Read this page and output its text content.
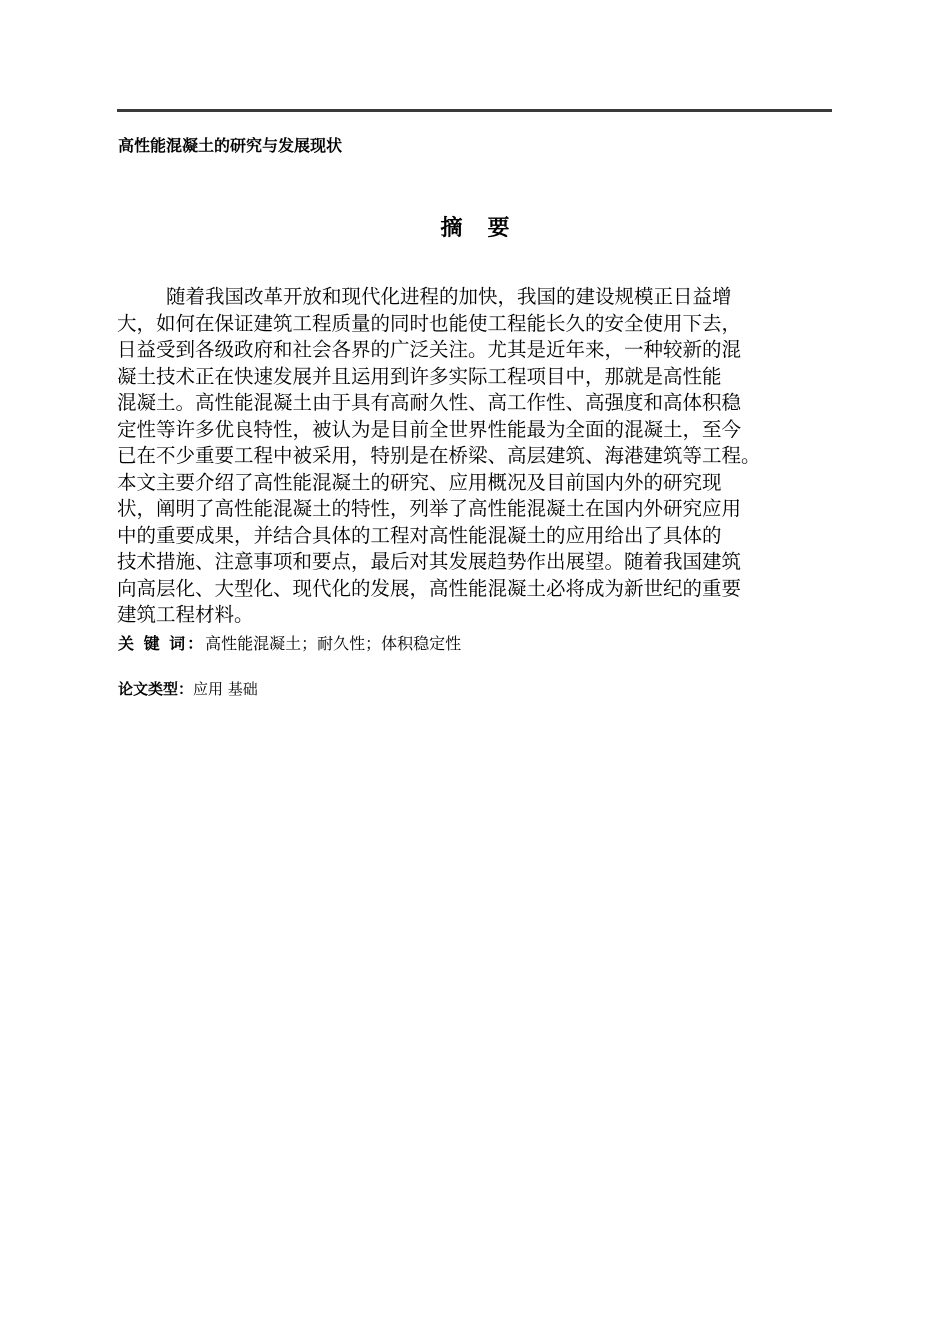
高性能混凝土的研究与发展现状
摘要
随着我国改革开放和现代化进程的加快，我国的建设规模正日益增
大，如何在保证建筑工程质量的同时也能使工程能长久的安全使用下去，
日益受到各级政府和社会各界的广泛关注。尤其是近年来，一种较新的混
凝土技术正在快速发展并且运用到许多实际工程项目中，那就是高性能
混凝土。高性能混凝土由于具有高耐久性、高工作性、高强度和高体积稳
定性等许多优良特性，被认为是目前全世界性能最为全面的混凝土，至今
已在不少重要工程中被采用，特别是在桥梁、高层建筑、海港建筑等工程。
本文主要介绍了高性能混凝土的研究、应用概况及目前国内外的研究现
状，阐明了高性能混凝土的特性，列举了高性能混凝土在国内外研究应用
中的重要成果，并结合具体的工程对高性能混凝土的应用给出了具体的
技术措施、注意事项和要点，最后对其发展趋势作出展望。随着我国建筑
向高层化、大型化、现代化的发展，高性能混凝土必将成为新世纪的重要
建筑工程材料。
关 键 词：高性能混凝土；耐久性；体积稳定性
论文类型：应用 基础
